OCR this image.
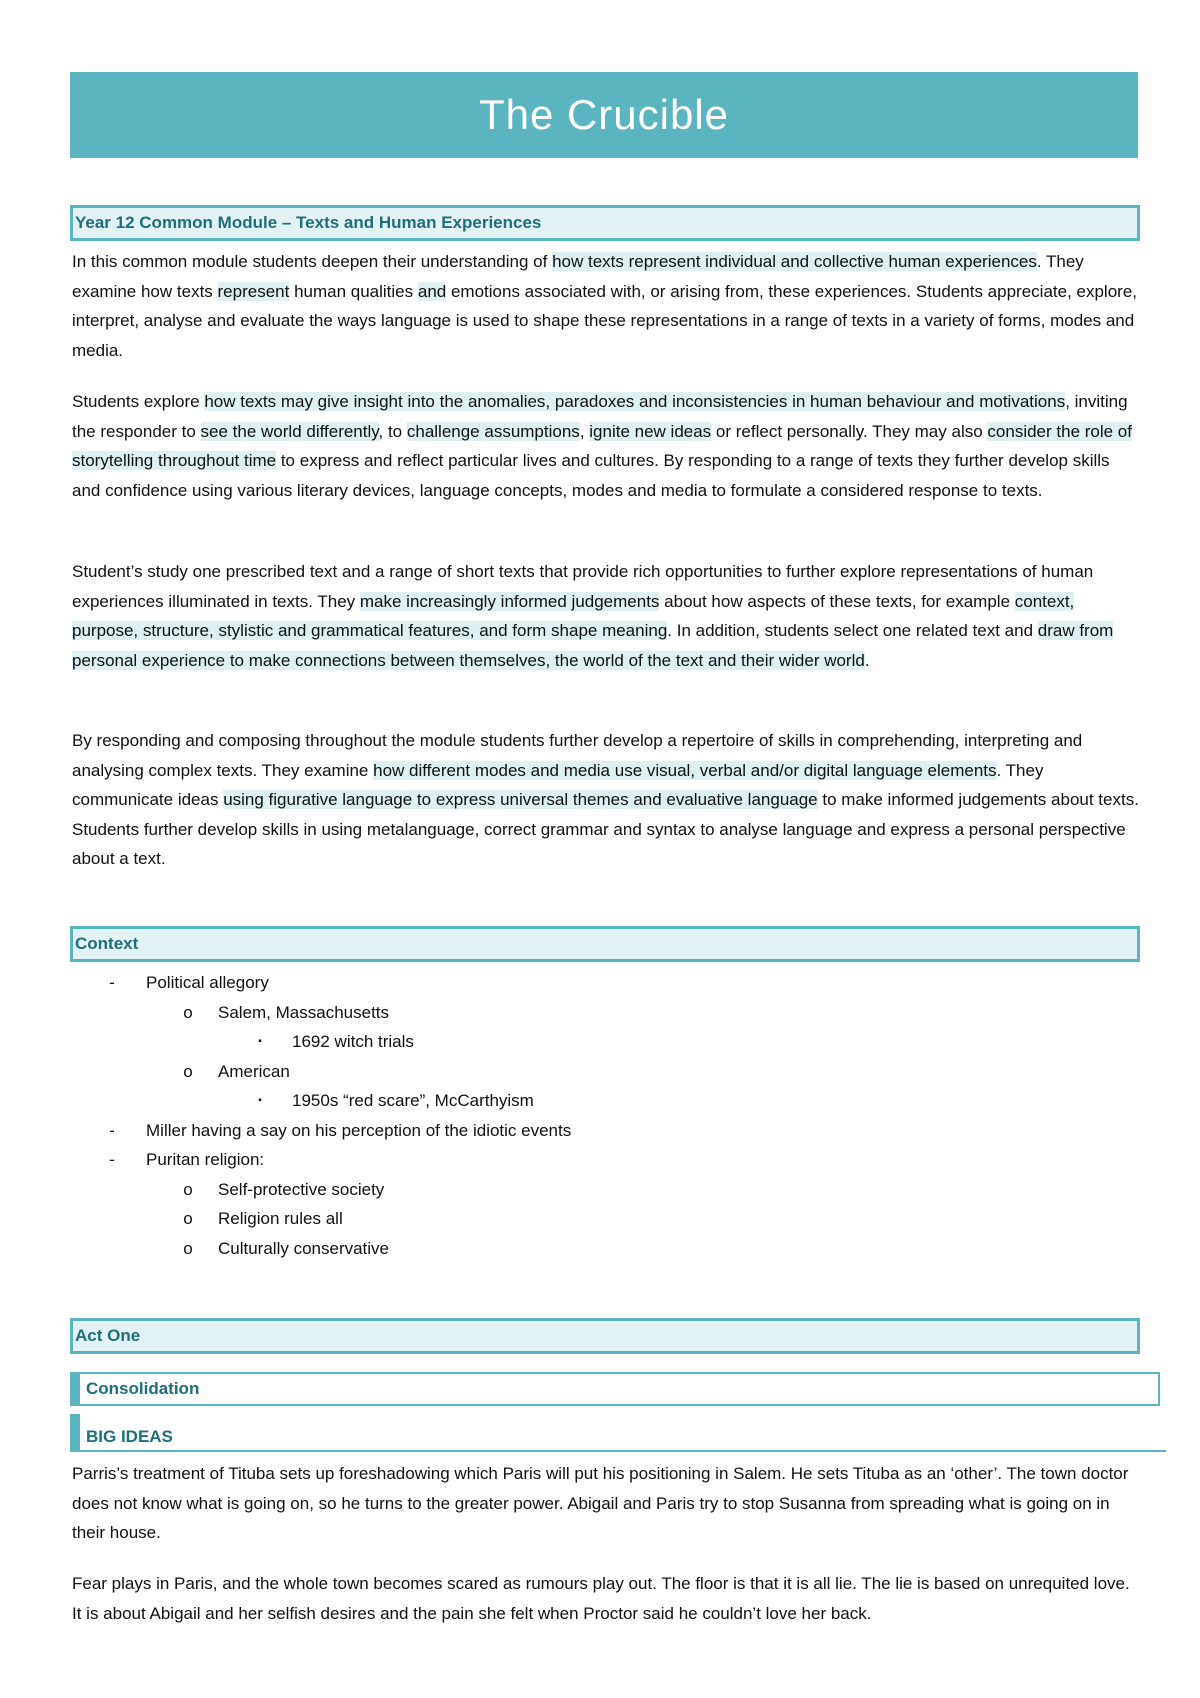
The Crucible
Year 12 Common Module – Texts and Human Experiences

In this common module students deepen their understanding of how texts represent individual and collective human experiences. They examine how texts represent human qualities and emotions associated with, or arising from, these experiences. Students appreciate, explore, interpret, analyse and evaluate the ways language is used to shape these representations in a range of texts in a variety of forms, modes and media.

Students explore how texts may give insight into the anomalies, paradoxes and inconsistencies in human behaviour and motivations, inviting the responder to see the world differently, to challenge assumptions, ignite new ideas or reflect personally. They may also consider the role of storytelling throughout time to express and reflect particular lives and cultures. By responding to a range of texts they further develop skills and confidence using various literary devices, language concepts, modes and media to formulate a considered response to texts.

Student’s study one prescribed text and a range of short texts that provide rich opportunities to further explore representations of human experiences illuminated in texts. They make increasingly informed judgements about how aspects of these texts, for example context, purpose, structure, stylistic and grammatical features, and form shape meaning. In addition, students select one related text and draw from personal experience to make connections between themselves, the world of the text and their wider world.

By responding and composing throughout the module students further develop a repertoire of skills in comprehending, interpreting and analysing complex texts. They examine how different modes and media use visual, verbal and/or digital language elements. They communicate ideas using figurative language to express universal themes and evaluative language to make informed judgements about texts. Students further develop skills in using metalanguage, correct grammar and syntax to analyse language and express a personal perspective about a text.

Context
-	Political allegory
o	Salem, Massachusetts
▪	1692 witch trials
o	American
▪	1950s “red scare”, McCarthyism
-	Miller having a say on his perception of the idiotic events
-	Puritan religion:
o	Self-protective society
o	Religion rules all
o	Culturally conservative
Act One
Consolidation
BIG IDEAS

Parris’s treatment of Tituba sets up foreshadowing which Paris will put his positioning in Salem. He sets Tituba as an ‘other’. The town doctor does not know what is going on, so he turns to the greater power. Abigail and Paris try to stop Susanna from spreading what is going on in their house.

Fear plays in Paris, and the whole town becomes scared as rumours play out. The floor is that it is all lie. The lie is based on unrequited love. It is about Abigail and her selfish desires and the pain she felt when Proctor said he couldn’t love her back.
